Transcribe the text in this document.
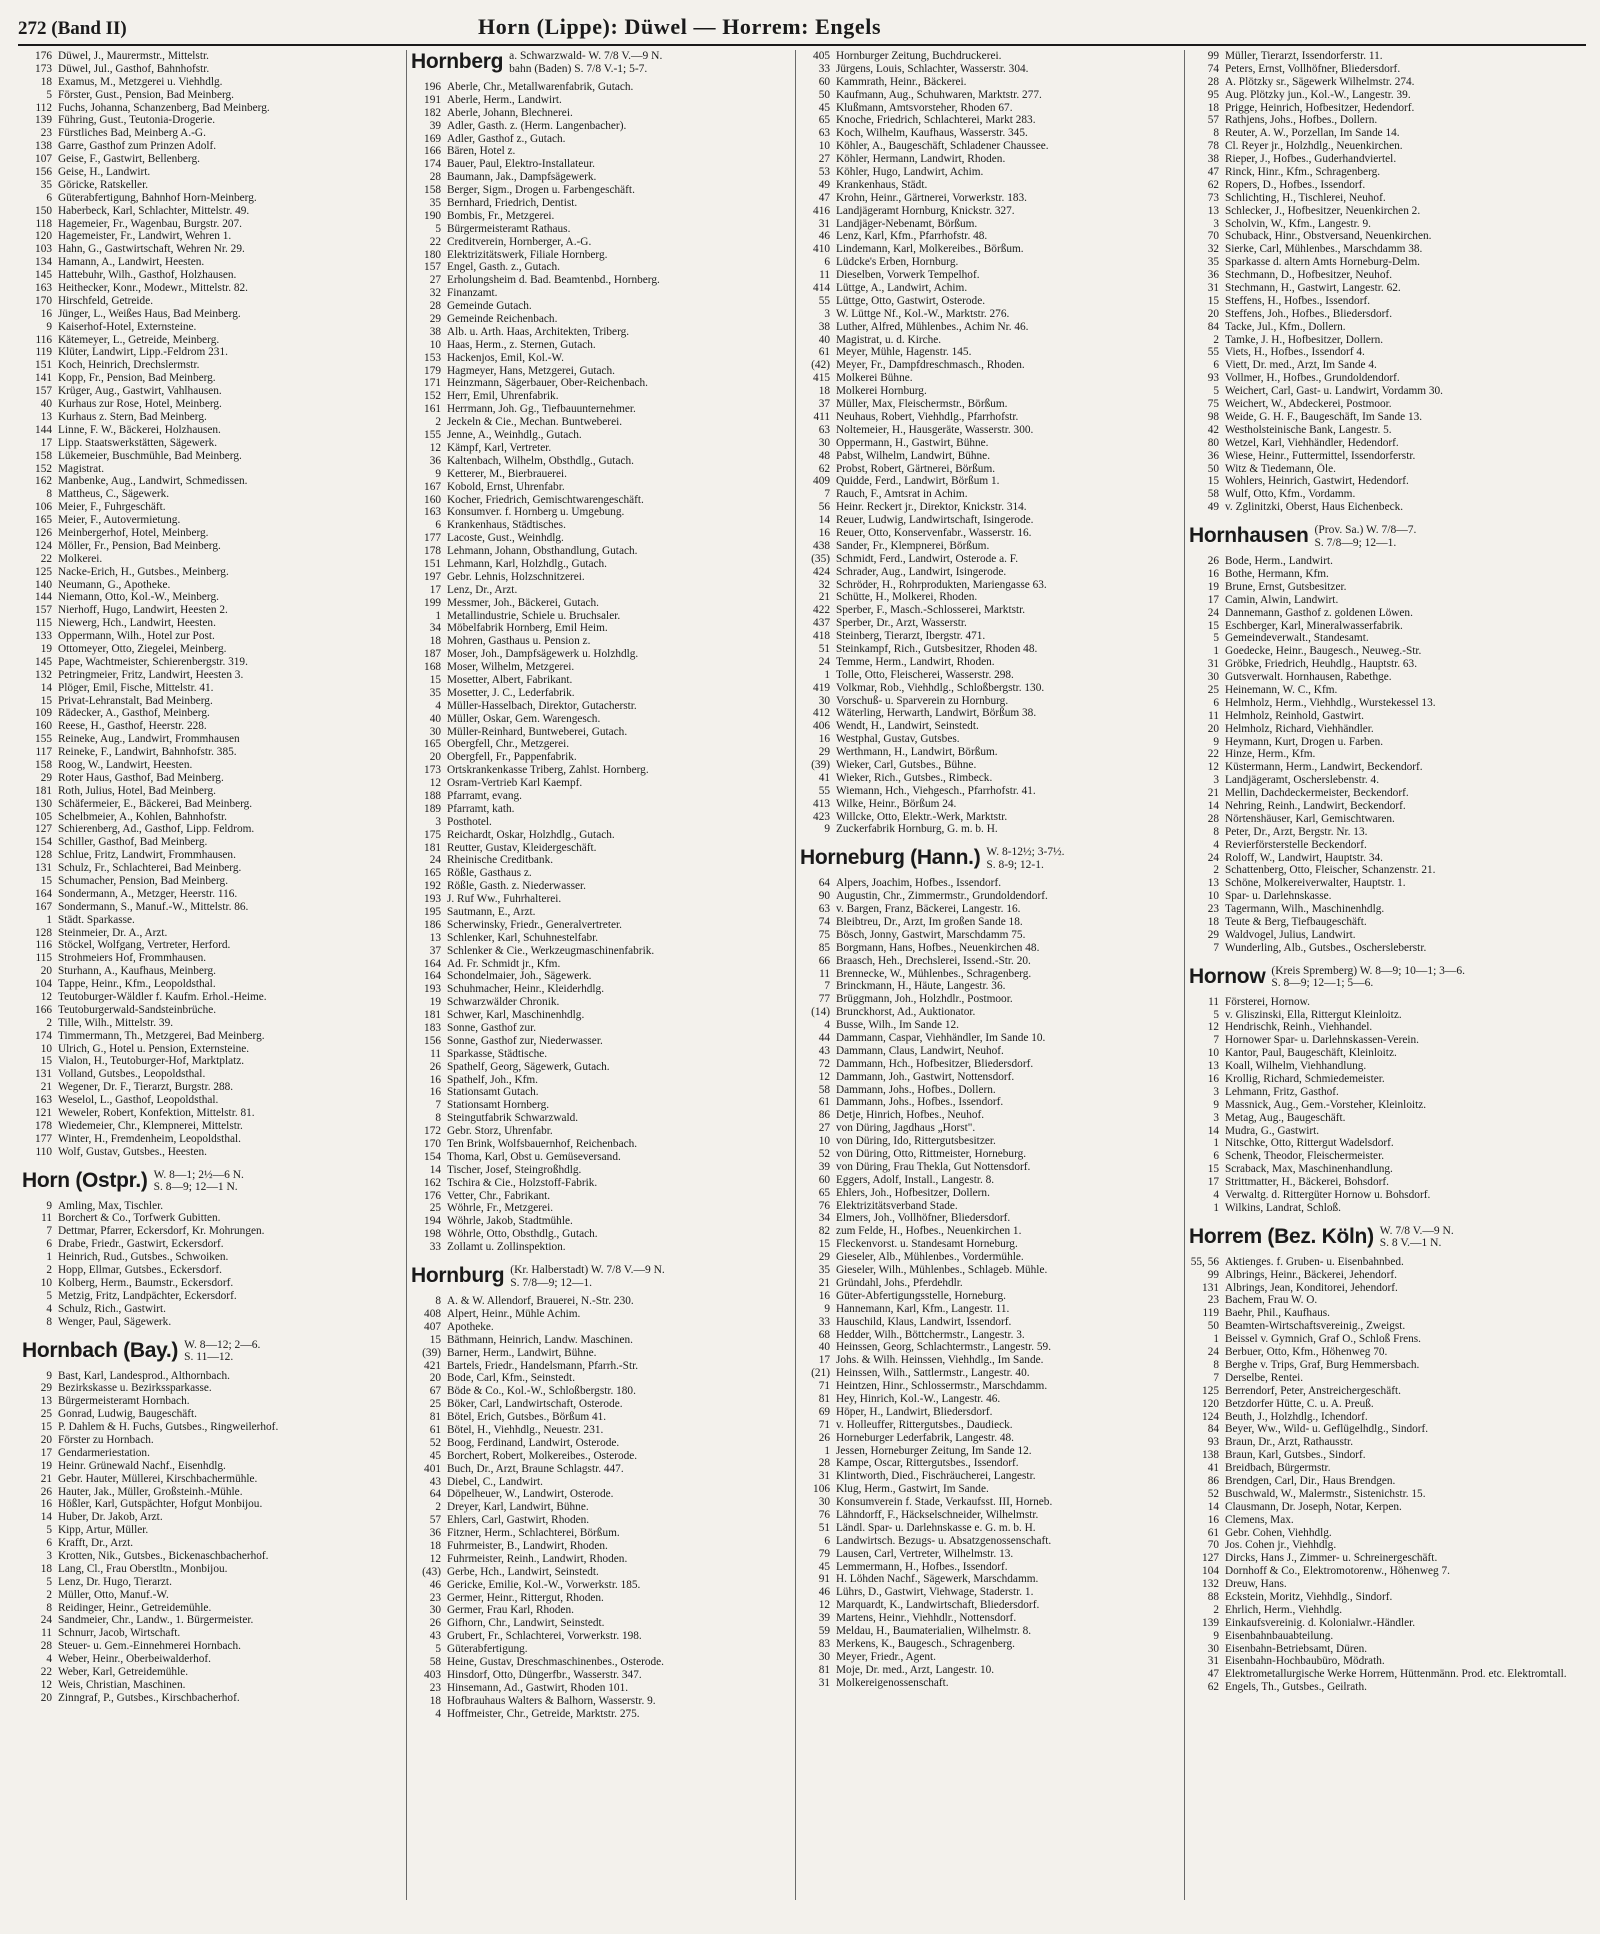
272 (Band II)	Horn (Lippe): Düwel — Horrem: Engels
176 Düwel, J., Maurermstr., Mittelstr.
173 Düwel, Jul., Gasthof, Bahnhofstr.
18 Examus, M., Metzgerei u. Viehhdlg.
5 Förster, Gust., Pension, Bad Meinberg.
112 Fuchs, Johanna, Schanzenberg, Bad Meinberg.
139 Führing, Gust., Teutonia-Drogerie.
23 Fürstliches Bad, Meinberg A.-G.
138 Garre, Gasthof zum Prinzen Adolf.
107 Geise, F., Gastwirt, Bellenberg.
156 Geise, H., Landwirt.
35 Göricke, Ratskeller.
6 Güterabfertigung, Bahnhof Horn-Meinberg.
150 Haberbeck, Karl, Schlachter, Mittelstr. 49.
118 Hagemeier, Fr., Wagenbau, Burgstr. 207.
120 Hagemeister, Fr., Landwirt, Wehren 1.
103 Hahn, G., Gastwirtschaft, Wehren Nr. 29.
134 Hamann, A., Landwirt, Heesten.
145 Hattebuhr, Wilh., Gasthof, Holzhausen.
163 Heithecker, Konr., Modewr., Mittelstr. 82.
170 Hirschfeld, Getreide.
16 Jünger, L., Weißes Haus, Bad Meinberg.
9 Kaiserhof-Hotel, Externsteine.
116 Kätemeyer, L., Getreide, Meinberg.
119 Klüter, Landwirt, Lipp.-Feldrom 231.
151 Koch, Heinrich, Drechslermstr.
141 Kopp, Fr., Pension, Bad Meinberg.
157 Krüger, Aug., Gastwirt, Vahlhausen.
40 Kurhaus zur Rose, Hotel, Meinberg.
13 Kurhaus z. Stern, Bad Meinberg.
144 Linne, F. W., Bäckerei, Holzhausen.
17 Lipp. Staatswerkstätten, Sägewerk.
158 Lükemeier, Buschmühle, Bad Meinberg.
152 Magistrat.
162 Manbenke, Aug., Landwirt, Schmedissen.
8 Mattheus, C., Sägewerk.
106 Meier, F., Fuhrgeschäft.
165 Meier, F., Autovermietung.
126 Meinbergerhof, Hotel, Meinberg.
124 Möller, Fr., Pension, Bad Meinberg.
22 Molkerei.
125 Nacke-Erich, H., Gutsbes., Meinberg.
140 Neumann, G., Apotheke.
144 Niemann, Otto, Kol.-W., Meinberg.
157 Nierhoff, Hugo, Landwirt, Heesten 2.
115 Niewerg, Hch., Landwirt, Heesten.
133 Oppermann, Wilh., Hotel zur Post.
19 Ottomeyer, Otto, Ziegelei, Meinberg.
145 Pape, Wachtmeister, Schierenbergstr. 319.
132 Petringmeier, Fritz, Landwirt, Heesten 3.
14 Plöger, Emil, Fische, Mittelstr. 41.
15 Privat-Lehranstalt, Bad Meinberg.
109 Rädecker, A., Gasthof, Meinberg.
160 Reese, H., Gasthof, Heerstr. 228.
155 Reineke, Aug., Landwirt, Frommhausen
117 Reineke, F., Landwirt, Bahnhofstr. 385.
158 Roog, W., Landwirt, Heesten.
29 Roter Haus, Gasthof, Bad Meinberg.
181 Roth, Julius, Hotel, Bad Meinberg.
130 Schäfermeier, E., Bäckerei, Bad Meinberg.
105 Schelbmeier, A., Kohlen, Bahnhofstr.
127 Schierenberg, Ad., Gasthof, Lipp. Feldrom.
154 Schiller, Gasthof, Bad Meinberg.
128 Schlue, Fritz, Landwirt, Frommhausen.
131 Schulz, Fr., Schlachterei, Bad Meinberg.
15 Schumacher, Pension, Bad Meinberg.
164 Sondermann, A., Metzger, Heerstr. 116.
167 Sondermann, S., Manuf.-W., Mittelstr. 86.
1 Städt. Sparkasse.
128 Steinmeier, Dr. A., Arzt.
116 Stöckel, Wolfgang, Vertreter, Herford.
115 Strohmeiers Hof, Frommhausen.
20 Sturhann, A., Kaufhaus, Meinberg.
104 Tappe, Heinr., Kfm., Leopoldsthal.
12 Teutoburger-Wäldler f. Kaufm. Erhol.-Heime.
166 Teutoburgerwald-Sandsteinbrüche.
2 Tille, Wilh., Mittelstr. 39.
174 Timmermann, Th., Metzgerei, Bad Meinberg.
10 Ulrich, G., Hotel u. Pension, Externsteine.
15 Vialon, H., Teutoburger-Hof, Marktplatz.
131 Volland, Gutsbes., Leopoldsthal.
21 Wegener, Dr. F., Tierarzt, Burgstr. 288.
163 Weselol, L., Gasthof, Leopoldsthal.
121 Weweler, Robert, Konfektion, Mittelstr. 81.
178 Wiedemeier, Chr., Klempnerei, Mittelstr.
177 Winter, H., Fremdenheim, Leopoldsthal.
110 Wolf, Gustav, Gutsbes., Heesten.
Horn (Ostpr.) W. 8—1; 2½—6 N.
S. 8—9; 12—1 N.
9 Amling, Max, Tischler.
11 Borchert & Co., Torfwerk Gubitten.
7 Dettmar, Pfarrer, Eckersdorf, Kr. Mohrungen.
6 Drabe, Friedr., Gastwirt, Eckersdorf.
1 Heinrich, Rud., Gutsbes., Schwoiken.
2 Hopp, Ellmar, Gutsbes., Eckersdorf.
10 Kolberg, Herm., Baumstr., Eckersdorf.
5 Metzig, Fritz, Landpächter, Eckersdorf.
4 Schulz, Rich., Gastwirt.
8 Wenger, Paul, Sägewerk.
Hornbach (Bay.) W. 8—12; 2—6.
S. 11—12.
9 Bast, Karl, Landesprod., Althornbach.
29 Bezirkskasse u. Bezirkssparkasse.
13 Bürgermeisteramt Hornbach.
25 Gonrad, Ludwig, Baugeschäft.
15 P. Dahlem & H. Fuchs, Gutsbes., Ringweilerhof.
20 Förster zu Hornbach.
17 Gendarmeriestation.
19 Heinr. Grünewald Nachf., Eisenhdlg.
21 Gebr. Hauter, Müllerei, Kirschbachermühle.
26 Hauter, Jak., Müller, Großsteinh.-Mühle.
16 Hößler, Karl, Gutspächter, Hofgut Monbijou.
14 Huber, Dr. Jakob, Arzt.
5 Kipp, Artur, Müller.
6 Krafft, Dr., Arzt.
3 Krotten, Nik., Gutsbes., Bickenaschbacherhof.
18 Lang, Cl., Frau Oberstltn., Monbijou.
5 Lenz, Dr. Hugo, Tierarzt.
2 Müller, Otto, Manuf.-W.
8 Reidinger, Heinr., Getreidemühle.
24 Sandmeier, Chr., Landw., 1. Bürgermeister.
11 Schnurr, Jacob, Wirtschaft.
28 Steuer- u. Gem.-Einnehmerei Hornbach.
4 Weber, Heinr., Oberbeiwalderhof.
22 Weber, Karl, Getreidemühle.
12 Weis, Christian, Maschinen.
20 Zinngraf, P., Gutsbes., Kirschbacherhof.
Hornberg a. Schwarzwald- W. 7/8 V.—9 N.
bahn (Baden) S. 7/8 V.-1; 5-7.
196 Aberle, Chr., Metallwarenfabrik, Gutach.
191 Aberle, Herm., Landwirt.
182 Aberle, Johann, Blechnerei.
39 Adler, Gasth. z. (Herm. Langenbacher).
169 Adler, Gasthof z., Gutach.
166 Bären, Hotel z.
174 Bauer, Paul, Elektro-Installateur.
28 Baumann, Jak., Dampfsägewerk.
158 Berger, Sigm., Drogen u. Farbengeschäft.
35 Bernhard, Friedrich, Dentist.
190 Bombis, Fr., Metzgerei.
5 Bürgermeisteramt Rathaus.
22 Creditverein, Hornberger, A.-G.
180 Elektrizitätswerk, Filiale Hornberg.
157 Engel, Gasth. z., Gutach.
27 Erholungsheim d. Bad. Beamtenbd., Hornberg.
32 Finanzamt.
28 Gemeinde Gutach.
29 Gemeinde Reichenbach.
38 Alb. u. Arth. Haas, Architekten, Triberg.
10 Haas, Herm., z. Sternen, Gutach.
153 Hackenjos, Emil, Kol.-W.
179 Hagmeyer, Hans, Metzgerei, Gutach.
171 Heinzmann, Sägerbauer, Ober-Reichenbach.
152 Herr, Emil, Uhrenfabrik.
161 Herrmann, Joh. Gg., Tiefbauunternehmer.
2 Jeckeln & Cie., Mechan. Buntweberei.
155 Jenne, A., Weinhdlg., Gutach.
12 Kämpf, Karl, Vertreter.
36 Kaltenbach, Wilhelm, Obsthdlg., Gutach.
9 Ketterer, M., Bierbrauerei.
167 Kobold, Ernst, Uhrenfabr.
160 Kocher, Friedrich, Gemischtwarengeschäft.
163 Konsumver. f. Hornberg u. Umgebung.
6 Krankenhaus, Städtisches.
177 Lacoste, Gust., Weinhdlg.
178 Lehmann, Johann, Obsthandlung, Gutach.
151 Lehmann, Karl, Holzhdlg., Gutach.
197 Gebr. Lehnis, Holzschnitzerei.
17 Lenz, Dr., Arzt.
199 Messmer, Joh., Bäckerei, Gutach.
1 Metallindustrie, Schiele u. Bruchsaler.
34 Möbelfabrik Hornberg, Emil Heim.
18 Mohren, Gasthaus u. Pension z.
187 Moser, Joh., Dampfsägewerk u. Holzhdlg.
168 Moser, Wilhelm, Metzgerei.
15 Mosetter, Albert, Fabrikant.
35 Mosetter, J. C., Lederfabrik.
4 Müller-Hasselbach, Direktor, Gutacherstr.
40 Müller, Oskar, Gem. Warengesch.
30 Müller-Reinhard, Buntweberei, Gutach.
165 Obergfell, Chr., Metzgerei.
20 Obergfell, Fr., Pappenfabrik.
173 Ortskrankenkasse Triberg, Zahlst. Hornberg.
12 Osram-Vertrieb Karl Kaempf.
188 Pfarramt, evang.
189 Pfarramt, kath.
3 Posthotel.
175 Reichardt, Oskar, Holzhdlg., Gutach.
181 Reutter, Gustav, Kleidergeschäft.
24 Rheinische Creditbank.
165 Rößle, Gasthaus z.
192 Rößle, Gasth. z. Niederwasser.
193 J. Ruf Ww., Fuhrhalterei.
195 Sautmann, E., Arzt.
186 Scherwinsky, Friedr., Generalvertreter.
13 Schlenker, Karl, Schuhnestelfabr.
37 Schlenker & Cie., Werkzeugmaschinenfabrik.
164 Ad. Fr. Schmidt jr., Kfm.
164 Schondelmaier, Joh., Sägewerk.
193 Schuhmacher, Heinr., Kleiderhdlg.
19 Schwarzwälder Chronik.
181 Schwer, Karl, Maschinenhdlg.
183 Sonne, Gasthof zur.
156 Sonne, Gasthof zur, Niederwasser.
11 Sparkasse, Städtische.
26 Spathelf, Georg, Sägewerk, Gutach.
16 Spathelf, Joh., Kfm.
16 Stationsamt Gutach.
7 Stationsamt Hornberg.
8 Steingutfabrik Schwarzwald.
172 Gebr. Storz, Uhrenfabr.
170 Ten Brink, Wolfsbauernhof, Reichenbach.
154 Thoma, Karl, Obst u. Gemüseversand.
14 Tischer, Josef, Steingroßhdlg.
162 Tschira & Cie., Holzstoff-Fabrik.
176 Vetter, Chr., Fabrikant.
25 Wöhrle, Fr., Metzgerei.
194 Wöhrle, Jakob, Stadtmühle.
198 Wöhrle, Otto, Obsthdlg., Gutach.
33 Zollamt u. Zollinspektion.
Hornburg (Kr. Halberstadt) W. 7/8 V.—9 N.
S. 7/8—9; 12—1.
8 A. & W. Allendorf, Brauerei, N.-Str. 230.
408 Alpert, Heinr., Mühle Achim.
407 Apotheke.
15 Bäthmann, Heinrich, Landw. Maschinen.
(39) Barner, Herm., Landwirt, Bühne.
421 Bartels, Friedr., Handelsmann, Pfarrh.-Str.
20 Bode, Carl, Kfm., Seinstedt.
67 Böde & Co., Kol.-W., Schloßbergstr. 180.
25 Böker, Carl, Landwirtschaft, Osterode.
81 Bötel, Erich, Gutsbes., Börßum 41.
61 Bötel, H., Viehhdlg., Neuestr. 231.
52 Boog, Ferdinand, Landwirt, Osterode.
45 Borchert, Robert, Molkereibes., Osterode.
401 Buch, Dr., Arzt, Braune Schlagstr. 447.
43 Diebel, C., Landwirt.
64 Döpelheuer, W., Landwirt, Osterode.
2 Dreyer, Karl, Landwirt, Bühne.
57 Ehlers, Carl, Gastwirt, Rhoden.
36 Fitzner, Herm., Schlachterei, Börßum.
18 Fuhrmeister, B., Landwirt, Rhoden.
12 Fuhrmeister, Reinh., Landwirt, Rhoden.
(43) Gerbe, Hch., Landwirt, Seinstedt.
46 Gericke, Emilie, Kol.-W., Vorwerkstr. 185.
23 Germer, Heinr., Rittergut, Rhoden.
30 Germer, Frau Karl, Rhoden.
26 Gifhorn, Chr., Landwirt, Seinstedt.
43 Grubert, Fr., Schlachterei, Vorwerkstr. 198.
5 Güterabfertigung.
58 Heine, Gustav, Dreschmaschinenbes., Osterode.
403 Hinsdorf, Otto, Düngerfbr., Wasserstr. 347.
23 Hinsemann, Ad., Gastwirt, Rhoden 101.
18 Hofbrauhaus Walters & Balhorn, Wasserstr. 9.
4 Hoffmeister, Chr., Getreide, Marktstr. 275.
405 Hornburger Zeitung, Buchdruckerei.
33 Jürgens, Louis, Schlachter, Wasserstr. 304.
60 Kammrath, Heinr., Bäckerei.
50 Kaufmann, Aug., Schuhwaren, Marktstr. 277.
45 Klußmann, Amtsvorsteher, Rhoden 67.
65 Knoche, Friedrich, Schlachterei, Markt 283.
63 Koch, Wilhelm, Kaufhaus, Wasserstr. 345.
10 Köhler, A., Baugeschäft, Schladener Chaussee.
27 Köhler, Hermann, Landwirt, Rhoden.
53 Köhler, Hugo, Landwirt, Achim.
49 Krankenhaus, Städt.
47 Krohn, Heinr., Gärtnerei, Vorwerkstr. 183.
416 Landjägeramt Hornburg, Knickstr. 327.
31 Landjäger-Nebenamt, Börßum.
46 Lenz, Karl, Kfm., Pfarrhofstr. 48.
410 Lindemann, Karl, Molkereibes., Börßum.
6 Lüdcke's Erben, Hornburg.
11 Dieselben, Vorwerk Tempelhof.
414 Lüttge, A., Landwirt, Achim.
55 Lüttge, Otto, Gastwirt, Osterode.
3 W. Lüttge Nf., Kol.-W., Marktstr. 276.
38 Luther, Alfred, Mühlenbes., Achim Nr. 46.
40 Magistrat, u. d. Kirche.
61 Meyer, Mühle, Hagenstr. 145.
(42) Meyer, Fr., Dampfdreschmasch., Rhoden.
415 Molkerei Bühne.
18 Molkerei Hornburg.
37 Müller, Max, Fleischermstr., Börßum.
411 Neuhaus, Robert, Viehhdlg., Pfarrhofstr.
63 Noltemeier, H., Hausgeräte, Wasserstr. 300.
30 Oppermann, H., Gastwirt, Bühne.
48 Pabst, Wilhelm, Landwirt, Bühne.
62 Probst, Robert, Gärtnerei, Börßum.
409 Quidde, Ferd., Landwirt, Börßum 1.
7 Rauch, F., Amtsrat in Achim.
56 Heinr. Reckert jr., Direktor, Knickstr. 314.
14 Reuer, Ludwig, Landwirtschaft, Isingerode.
16 Reuer, Otto, Konservenfabr., Wasserstr. 16.
438 Sander, Fr., Klempnerei, Börßum.
(35) Schmidt, Ferd., Landwirt, Osterode a. F.
424 Schrader, Aug., Landwirt, Isingerode.
32 Schröder, H., Rohrprodukten, Mariengasse 63.
21 Schütte, H., Molkerei, Rhoden.
422 Sperber, F., Masch.-Schlosserei, Marktstr.
437 Sperber, Dr., Arzt, Wasserstr.
418 Steinberg, Tierarzt, Ibergstr. 471.
51 Steinkampf, Rich., Gutsbesitzer, Rhoden 48.
24 Temme, Herm., Landwirt, Rhoden.
1 Tolle, Otto, Fleischerei, Wasserstr. 298.
419 Volkmar, Rob., Viehhdlg., Schloßbergstr. 130.
30 Vorschuß- u. Sparverein zu Hornburg.
412 Wäterling, Herwarth, Landwirt, Börßum 38.
406 Wendt, H., Landwirt, Seinstedt.
16 Westphal, Gustav, Gutsbes.
29 Werthmann, H., Landwirt, Börßum.
(39) Wieker, Carl, Gutsbes., Bühne.
41 Wieker, Rich., Gutsbes., Rimbeck.
55 Wiemann, Hch., Viehgesch., Pfarrhofstr. 41.
413 Wilke, Heinr., Börßum 24.
423 Willcke, Otto, Elektr.-Werk, Marktstr.
9 Zuckerfabrik Hornburg, G. m. b. H.
Horneburg (Hann.) W. 8-12½; 3-7½.
S. 8-9; 12-1.
64 Alpers, Joachim, Hofbes., Issendorf.
90 Augustin, Chr., Zimmermstr., Grundoldendorf.
63 v. Bargen, Franz, Bäckerei, Langestr. 16.
74 Bleibtreu, Dr., Arzt, Im großen Sande 18.
75 Bösch, Jonny, Gastwirt, Marschdamm 75.
85 Borgmann, Hans, Hofbes., Neuenkirchen 48.
66 Braasch, Heh., Drechslerei, Issend.-Str. 20.
11 Brennecke, W., Mühlenbes., Schragenberg.
7 Brinckmann, H., Häute, Langestr. 36.
77 Brüggmann, Joh., Holzhdlr., Postmoor.
(14) Brunckhorst, Ad., Auktionator.
4 Busse, Wilh., Im Sande 12.
44 Dammann, Caspar, Viehhändler, Im Sande 10.
43 Dammann, Claus, Landwirt, Neuhof.
72 Dammann, Hch., Hofbesitzer, Bliedersdorf.
12 Dammann, Joh., Gastwirt, Nottensdorf.
58 Dammann, Johs., Hofbes., Dollern.
61 Dammann, Johs., Hofbes., Issendorf.
86 Detje, Hinrich, Hofbes., Neuhof.
27 von Düring, Jagdhaus „Horst".
10 von Düring, Ido, Rittergutsbesitzer.
52 von Düring, Otto, Rittmeister, Horneburg.
39 von Düring, Frau Thekla, Gut Nottensdorf.
60 Eggers, Adolf, Install., Langestr. 8.
65 Ehlers, Joh., Hofbesitzer, Dollern.
76 Elektrizitätsverband Stade.
34 Elmers, Joh., Vollhöfner, Bliedersdorf.
82 zum Felde, H., Hofbes., Neuenkirchen 1.
15 Fleckenvorst. u. Standesamt Horneburg.
29 Gieseler, Alb., Mühlenbes., Vordermühle.
35 Gieseler, Wilh., Mühlenbes., Schlageb. Mühle.
21 Gründahl, Johs., Pferdehdlr.
16 Güter-Abfertigungsstelle, Horneburg.
9 Hannemann, Karl, Kfm., Langestr. 11.
33 Hauschild, Klaus, Landwirt, Issendorf.
68 Hedder, Wilh., Böttchermstr., Langestr. 3.
40 Heinssen, Georg, Schlachtermstr., Langestr. 59.
17 Johs. & Wilh. Heinssen, Viehhdlg., Im Sande.
(21) Heinssen, Wilh., Sattlermstr., Langestr. 40.
71 Heintzen, Hinr., Schlossermstr., Marschdamm.
81 Hey, Hinrich, Kol.-W., Langestr. 46.
69 Höper, H., Landwirt, Bliedersdorf.
71 v. Holleuffer, Rittergutsbes., Daudieck.
26 Horneburger Lederfabrik, Langestr. 48.
1 Jessen, Horneburger Zeitung, Im Sande 12.
28 Kampe, Oscar, Rittergutsbes., Issendorf.
31 Klintworth, Died., Fischräucherei, Langestr.
106 Klug, Herm., Gastwirt, Im Sande.
30 Konsumverein f. Stade, Verkaufsst. III, Horneb.
76 Lähndorff, F., Häckselschneider, Wilhelmstr.
51 Ländl. Spar- u. Darlehnskasse e. G. m. b. H.
6 Landwirtsch. Bezugs- u. Absatzgenossenschaft.
79 Lausen, Carl, Vertreter, Wilhelmstr. 13.
45 Lemmermann, H., Hofbes., Issendorf.
91 H. Löhden Nachf., Sägewerk, Marschdamm.
46 Lührs, D., Gastwirt, Viehwage, Staderstr. 1.
12 Marquardt, K., Landwirtschaft, Bliedersdorf.
39 Martens, Heinr., Viehhdlr., Nottensdorf.
59 Meldau, H., Baumaterialien, Wilhelmstr. 8.
83 Merkens, K., Baugesch., Schragenberg.
30 Meyer, Friedr., Agent.
81 Moje, Dr. med., Arzt, Langestr. 10.
31 Molkereigenossenschaft.
99 Müller, Tierarzt, Issendorferstr. 11.
74 Peters, Ernst, Vollhöfner, Bliedersdorf.
28 A. Plötzky sr., Sägewerk Wilhelmstr. 274.
95 Aug. Plötzky jun., Kol.-W., Langestr. 39.
18 Prigge, Heinrich, Hofbesitzer, Hedendorf.
57 Rathjens, Johs., Hofbes., Dollern.
8 Reuter, A. W., Porzellan, Im Sande 14.
78 Cl. Reyer jr., Holzhdlg., Neuenkirchen.
38 Rieper, J., Hofbes., Guderhandviertel.
47 Rinck, Hinr., Kfm., Schragenberg.
62 Ropers, D., Hofbes., Issendorf.
73 Schlichting, H., Tischlerei, Neuhof.
13 Schlecker, J., Hofbesitzer, Neuenkirchen 2.
3 Scholvin, W., Kfm., Langestr. 9.
70 Schuback, Hinr., Obstversand, Neuenkirchen.
32 Sierke, Carl, Mühlenbes., Marschdamm 38.
35 Sparkasse d. altern Amts Horneburg-Delm.
36 Stechmann, D., Hofbesitzer, Neuhof.
31 Stechmann, H., Gastwirt, Langestr. 62.
15 Steffens, H., Hofbes., Issendorf.
20 Steffens, Joh., Hofbes., Bliedersdorf.
84 Tacke, Jul., Kfm., Dollern.
2 Tamke, J. H., Hofbesitzer, Dollern.
55 Viets, H., Hofbes., Issendorf 4.
6 Viett, Dr. med., Arzt, Im Sande 4.
93 Vollmer, H., Hofbes., Grundoldendorf.
5 Weichert, Carl, Gast- u. Landwirt, Vordamm 30.
75 Weichert, W., Abdeckerei, Postmoor.
98 Weide, G. H. F., Baugeschäft, Im Sande 13.
42 Westholsteinische Bank, Langestr. 5.
80 Wetzel, Karl, Viehhändler, Hedendorf.
36 Wiese, Heinr., Futtermittel, Issendorferstr.
50 Witz & Tiedemann, Öle.
15 Wohlers, Heinrich, Gastwirt, Hedendorf.
58 Wulf, Otto, Kfm., Vordamm.
49 v. Zglinitzki, Oberst, Haus Eichenbeck.
Hornhausen (Prov. Sa.) W. 7/8—7.
S. 7/8—9; 12—1.
26 Bode, Herm., Landwirt.
16 Bothe, Hermann, Kfm.
19 Brune, Ernst, Gutsbesitzer.
17 Camin, Alwin, Landwirt.
24 Dannemann, Gasthof z. goldenen Löwen.
15 Eschberger, Karl, Mineralwasserfabrik.
5 Gemeindeverwalt., Standesamt.
1 Goedecke, Heinr., Baugesch., Neuweg.-Str.
31 Gröbke, Friedrich, Heuhdlg., Hauptstr. 63.
30 Gutsverwalt. Hornhausen, Rabethge.
25 Heinemann, W. C., Kfm.
6 Helmholz, Herm., Viehhdlg., Wurstekessel 13.
11 Helmholz, Reinhold, Gastwirt.
20 Helmholz, Richard, Viehhändler.
9 Heymann, Kurt, Drogen u. Farben.
22 Hinze, Herm., Kfm.
12 Küstermann, Herm., Landwirt, Beckendorf.
3 Landjägeramt, Oscherslebenstr. 4.
21 Mellin, Dachdeckermeister, Beckendorf.
14 Nehring, Reinh., Landwirt, Beckendorf.
28 Nörtenshäuser, Karl, Gemischtwaren.
8 Peter, Dr., Arzt, Bergstr. Nr. 13.
4 Revierförsterstelle Beckendorf.
24 Roloff, W., Landwirt, Hauptstr. 34.
2 Schattenberg, Otto, Fleischer, Schanzenstr. 21.
13 Schöne, Molkereiverwalter, Hauptstr. 1.
10 Spar- u. Darlehnskasse.
23 Tagermann, Wilh., Maschinenhdlg.
18 Teute & Berg, Tiefbaugeschäft.
29 Waldvogel, Julius, Landwirt.
7 Wunderling, Alb., Gutsbes., Oschersleberstr.
Hornow (Kreis Spremberg) W. 8—9; 10—1; 3—6.
S. 8—9; 12—1; 5—6.
11 Försterei, Hornow.
5 v. Gliszinski, Ella, Rittergut Kleinloitz.
12 Hendrischk, Reinh., Viehhandel.
7 Hornower Spar- u. Darlehnskassen-Verein.
10 Kantor, Paul, Baugeschäft, Kleinloitz.
13 Koall, Wilhelm, Viehhandlung.
16 Krollig, Richard, Schmiedemeister.
3 Lehmann, Fritz, Gasthof.
9 Massnick, Aug., Gem.-Vorsteher, Kleinloitz.
3 Metag, Aug., Baugeschäft.
14 Mudra, G., Gastwirt.
1 Nitschke, Otto, Rittergut Wadelsdorf.
6 Schenk, Theodor, Fleischermeister.
15 Scraback, Max, Maschinenhandlung.
17 Strittmatter, H., Bäckerei, Bohsdorf.
4 Verwaltg. d. Rittergüter Hornow u. Bohsdorf.
1 Wilkins, Landrat, Schloß.
Horrem (Bez. Köln) W. 7/8 V.—9 N.
S. 8 V.—1 N.
55, 56 Aktienges. f. Gruben- u. Eisenbahnbed.
99 Albrings, Heinr., Bäckerei, Jehendorf.
131 Albrings, Jean, Konditorei, Jehendorf.
23 Bachem, Frau W. O.
119 Baehr, Phil., Kaufhaus.
50 Beamten-Wirtschaftsvereinig., Zweigst.
1 Beissel v. Gymnich, Graf O., Schloß Frens.
24 Berbuer, Otto, Kfm., Höhenweg 70.
8 Berghe v. Trips, Graf, Burg Hemmersbach.
7 Derselbe, Rentei.
125 Berrendorf, Peter, Anstreichergeschäft.
120 Betzdorfer Hütte, C. u. A. Preuß.
124 Beuth, J., Holzhdlg., Ichendorf.
84 Beyer, Ww., Wild- u. Geflügelhdlg., Sindorf.
93 Braun, Dr., Arzt, Rathausstr.
138 Braun, Karl, Gutsbes., Sindorf.
41 Breidbach, Bürgermstr.
86 Brendgen, Carl, Dir., Haus Brendgen.
52 Buschwald, W., Malermstr., Sistenichstr. 15.
14 Clausmann, Dr. Joseph, Notar, Kerpen.
16 Clemens, Max.
61 Gebr. Cohen, Viehhdlg.
70 Jos. Cohen jr., Viehhdlg.
127 Dircks, Hans J., Zimmer- u. Schreinergeschäft.
104 Dornhoff & Co., Elektromotorenw., Höhenweg 7.
132 Dreuw, Hans.
88 Eckstein, Moritz, Viehhdlg., Sindorf.
2 Ehrlich, Herm., Viehhdlg.
139 Einkaufsvereinig. d. Kolonialwr.-Händler.
9 Eisenbahnbauabteilung.
30 Eisenbahn-Betriebsamt, Düren.
31 Eisenbahn-Hochbaubüro, Mödrath.
47 Elektrometallurgische Werke Horrem, Hüttenmänn. Prod. etc. Elektromtall.
62 Engels, Th., Gutsbes., Geilrath.
